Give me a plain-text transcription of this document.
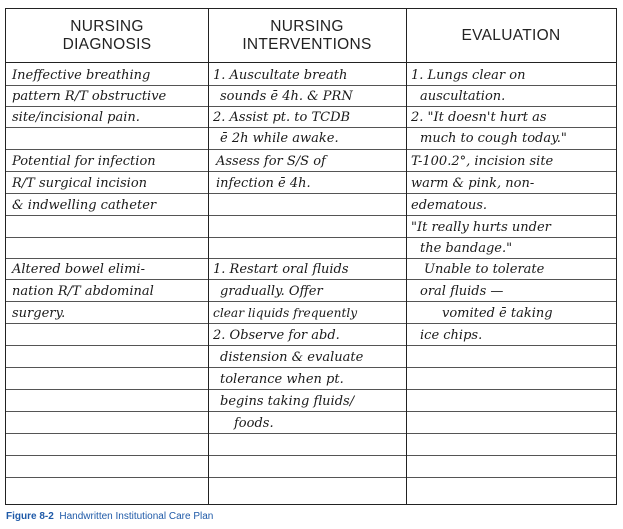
NURSING
DIAGNOSIS
NURSING
INTERVENTIONS
EVALUATION
Ineffective breathing
pattern R/T obstructive
site/incisional pain.
1. Auscultate breath
sounds ē 4h. & PRN
2. Assist pt. to TCDB
ē 2h while awake.
1. Lungs clear on
auscultation.
2. "It doesn't hurt as
much to cough today."
Potential for infection
R/T surgical incision
& indwelling catheter
Assess for S/S of
infection ē 4h.
T-100.2°, incision site
warm & pink, non-
edematous.
"It really hurts under
the bandage."
Altered bowel elimi-
nation R/T abdominal
surgery.
1. Restart oral fluids
gradually. Offer
clear liquids frequently
2. Observe for abd.
distension & evaluate
tolerance when pt.
begins taking fluids/
foods.
Unable to tolerate
oral fluids —
vomited ē taking
ice chips.
Figure 8-2 Handwritten Institutional Care Plan
